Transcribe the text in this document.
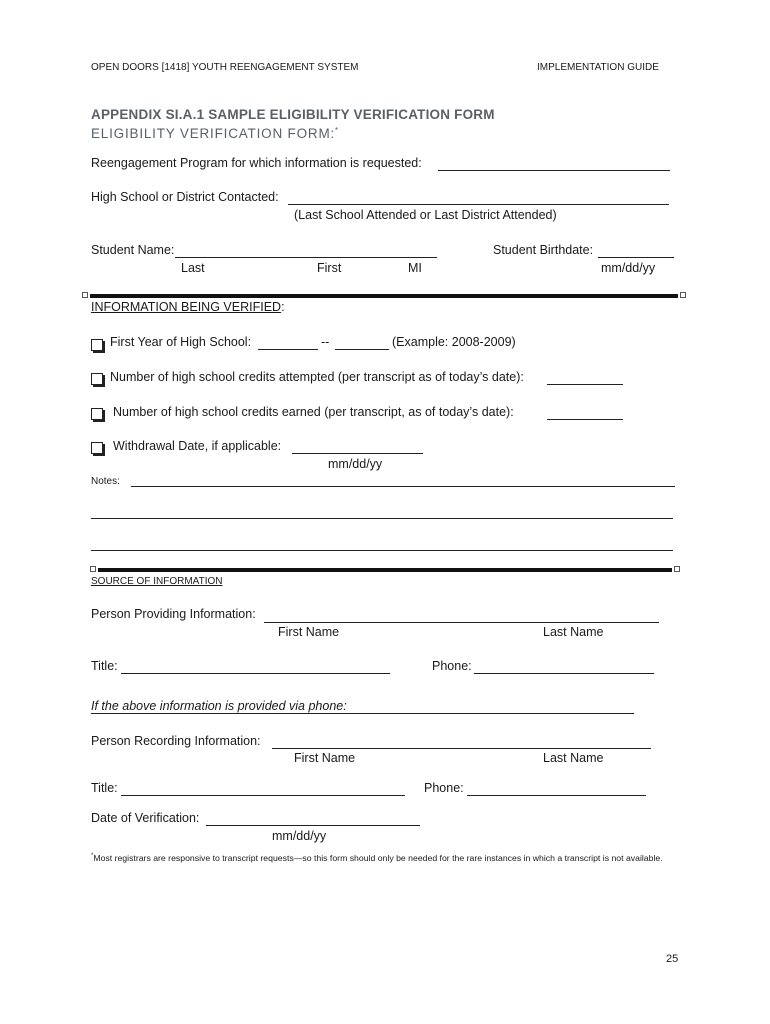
OPEN DOORS [1418] YOUTH REENGAGEMENT SYSTEM	IMPLEMENTATION GUIDE
APPENDIX SI.A.1 SAMPLE ELIGIBILITY VERIFICATION FORM
ELIGIBILITY VERIFICATION FORM:*
Reengagement Program for which information is requested:
High School or District Contacted:
(Last School Attended or Last District Attended)
Student Name:
Last	First	MI
Student Birthdate:
mm/dd/yy
INFORMATION BEING VERIFIED:
First Year of High School:	--	(Example: 2008-2009)
Number of high school credits attempted (per transcript as of today’s date):
Number of high school credits earned (per transcript, as of today’s date):
Withdrawal Date, if applicable:
mm/dd/yy
Notes:
SOURCE OF INFORMATION
Person Providing Information:
First Name	Last Name
Title:	Phone:
If the above information is provided via phone:
Person Recording Information:
First Name	Last Name
Title:	Phone:
Date of Verification:
mm/dd/yy
*Most registrars are responsive to transcript requests—so this form should only be needed for the rare instances in which a transcript is not available.
25
